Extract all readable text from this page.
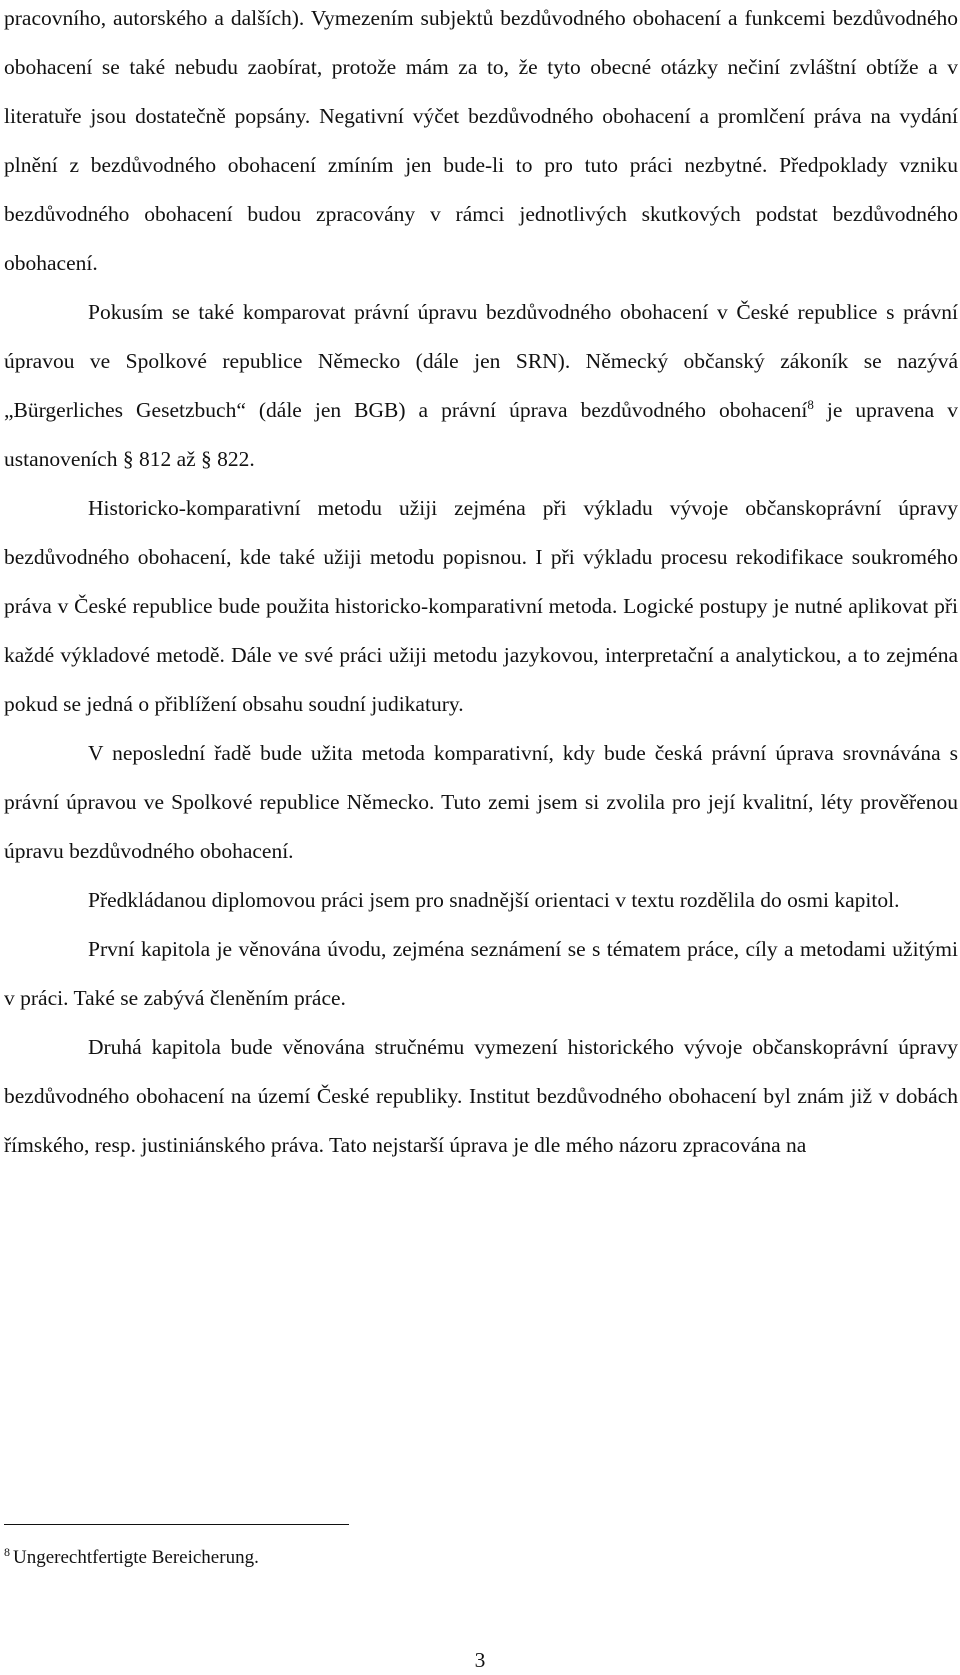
pracovního, autorského a dalších). Vymezením subjektů bezdůvodného obohacení a funkcemi bezdůvodného obohacení se také nebudu zaobírat, protože mám za to, že tyto obecné otázky nečiní zvláštní obtíže a v literatuře jsou dostatečně popsány. Negativní výčet bezdůvodného obohacení a promlčení práva na vydání plnění z bezdůvodného obohacení zmíním jen bude-li to pro tuto práci nezbytné. Předpoklady vzniku bezdůvodného obohacení budou zpracovány v rámci jednotlivých skutkových podstat bezdůvodného obohacení.

Pokusím se také komparovat právní úpravu bezdůvodného obohacení v České republice s právní úpravou ve Spolkové republice Německo (dále jen SRN). Německý občanský zákoník se nazývá „Bürgerliches Gesetzbuch“ (dále jen BGB) a právní úprava bezdůvodného obohacení$^8$ je upravena v ustanoveních § 812 až § 822.

Historicko-komparativní metodu užiji zejména při výkladu vývoje občanskoprávní úpravy bezdůvodného obohacení, kde také užiji metodu popisnou. I při výkladu procesu rekodifikace soukromého práva v České republice bude použita historicko-komparativní metoda. Logické postupy je nutné aplikovat při každé výkladové metodě. Dále ve své práci užiji metodu jazykovou, interpretační a analytickou, a to zejména pokud se jedná o přiblížení obsahu soudní judikatury.

V neposlední řadě bude užita metoda komparativní, kdy bude česká právní úprava srovnávána s právní úpravou ve Spolkové republice Německo. Tuto zemi jsem si zvolila pro její kvalitní, léty prověřenou úpravu bezdůvodného obohacení.

Předkládanou diplomovou práci jsem pro snadnější orientaci v textu rozdělila do osmi kapitol.

První kapitola je věnována úvodu, zejména seznámení se s tématem práce, cíly a metodami užitými v práci. Také se zabývá členěním práce.

Druhá kapitola bude věnována stručnému vymezení historického vývoje občanskoprávní úpravy bezdůvodného obohacení na území České republiky. Institut bezdůvodného obohacení byl znám již v dobách římského, resp. justiniánského práva. Tato nejstarší úprava je dle mého názoru zpracována na

$^8$ Ungerechtfertigte Bereicherung.
3
